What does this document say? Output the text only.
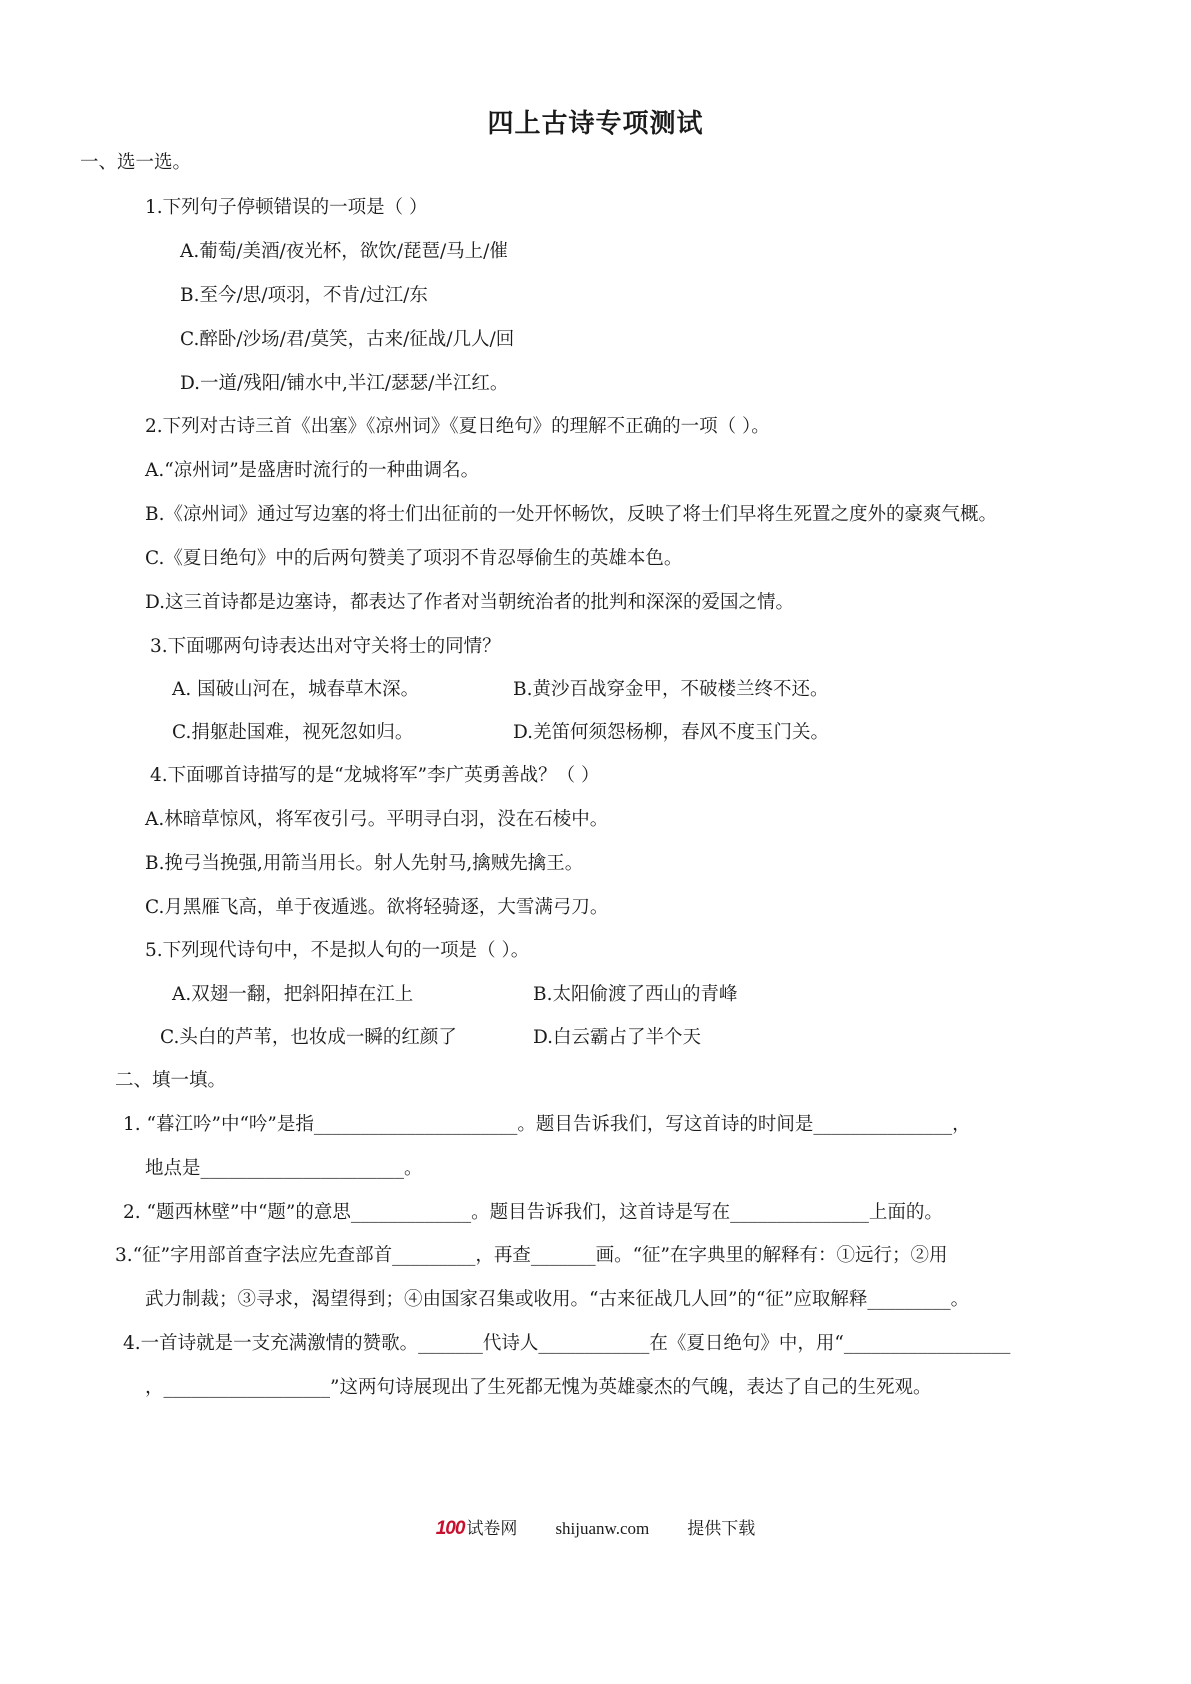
四上古诗专项测试
一、选一选。
1.下列句子停顿错误的一项是（ ）
A.葡萄/美酒/夜光杯，欲饮/琵琶/马上/催
B.至今/思/项羽，不肯/过江/东
C.醉卧/沙场/君/莫笑，古来/征战/几人/回
D.一道/残阳/铺水中,半江/瑟瑟/半江红。
2.下列对古诗三首《出塞》《凉州词》《夏日绝句》的理解不正确的一项（ ）。
A.“凉州词”是盛唐时流行的一种曲调名。
B.《凉州词》通过写边塞的将士们出征前的一处开怀畅饮，反映了将士们早将生死置之度外的豪爽气概。
C.《夏日绝句》中的后两句赞美了项羽不肯忍辱偷生的英雄本色。
D.这三首诗都是边塞诗，都表达了作者对当朝统治者的批判和深深的爱国之情。
3.下面哪两句诗表达出对守关将士的同情？
A. 国破山河在，城春草木深。	B.黄沙百战穿金甲，不破楼兰终不还。
C.捐躯赴国难，视死忽如归。	D.羌笛何须怨杨柳，春风不度玉门关。
4.下面哪首诗描写的是“龙城将军”李广英勇善战？（ ）
A.林暗草惊风，将军夜引弓。平明寻白羽，没在石棱中。
B.挽弓当挽强,用箭当用长。射人先射马,擒贼先擒王。
C.月黑雁飞高，单于夜遁逃。欲将轻骑逐，大雪满弓刀。
5.下列现代诗句中，不是拟人句的一项是（ ）。
A.双翅一翻，把斜阳掉在江上	B.太阳偷渡了西山的青峰
C.头白的芦苇，也妆成一瞬的红颜了	D.白云霸占了半个天
二、填一填。
1. “暮江吟”中“吟”是指______________________。题目告诉我们，写这首诗的时间是_______________，
地点是______________________。
2. “题西林壁”中“题”的意思_____________。题目告诉我们，这首诗是写在_______________上面的。
3.“征”字用部首查字法应先查部首_________，再查_______画。“征”在字典里的解释有：①远行；②用
武力制裁；③寻求，渴望得到；④由国家召集或收用。“古来征战几人回”的“征”应取解释_________。
4.一首诗就是一支充满激情的赞歌。_______代诗人____________在《夏日绝句》中，用“__________________
，__________________”这两句诗展现出了生死都无愧为英雄豪杰的气魄，表达了自己的生死观。
100 试卷网 shijuanw.com 提供下载
